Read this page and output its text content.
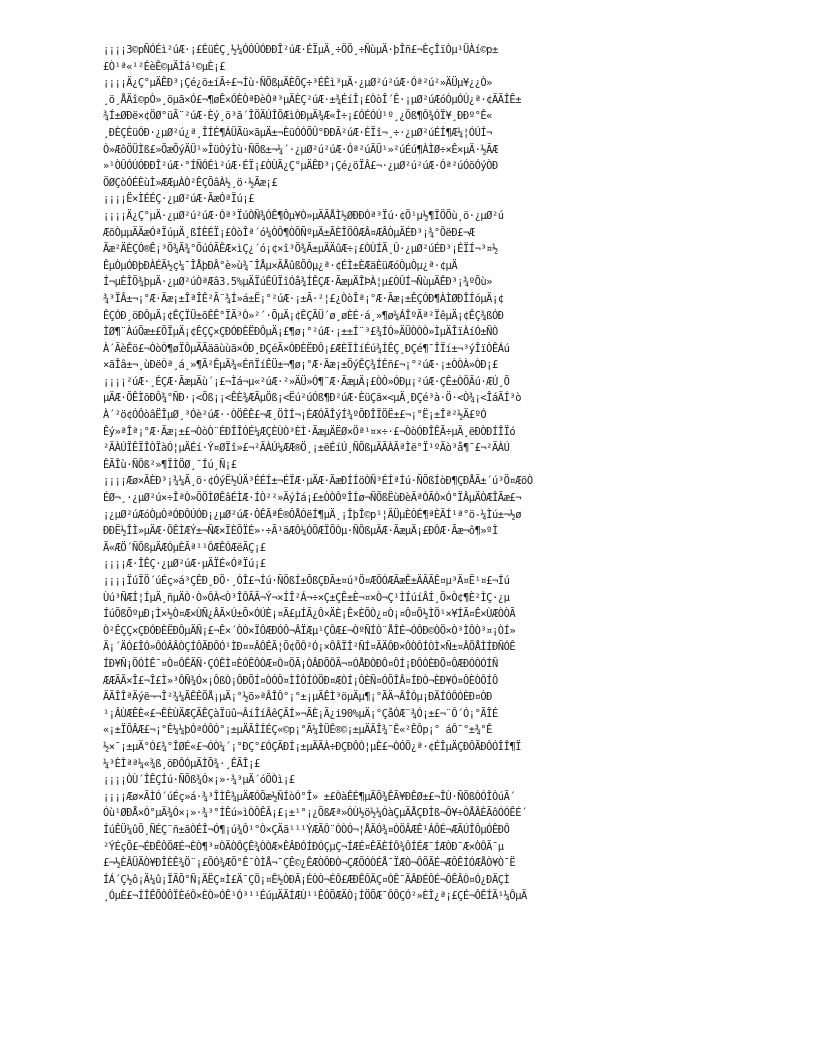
¡¡¡¡3©pÑÓÉì²úÆ·¡£ÉüÉÇ¸½¼ÓÓÛÓÐÐÎ²úÆ·ÉÏµÄ¸÷ÖÖ¸÷ÑùµÄ·þÎñ£¬ÈçÎïÒµ¹ÜÀí©p±
£Ò¹ª«¹²ÉèÊ©µÄÌá¹©µÈ¡£
¡¡¡¡Ä¿Ç°µÄÊÐ³¡Çé¿ö±íÃ÷£¬Íù·ÑÕßµÄÈÕÇ÷³ÉÊì³µÄ·¿µØ²ú²úÆ·Óª²ú²»ÄÜµ¥¿¿Ò»
¸ö¸ÅÄî©pÒ»¸öµã×Ó£¬¶øÊ×ÓÈÒªÐèÒª³µÄÈÇ²úÆ·±¾ÉíÎ¡£ÒòÎ´Ê·¡µØ²úÆóÒµÓÚ¿ª·¢ÃÃÎÊ±
¾Í±ØÐë×¢ÖØ°üÃ¨²úÆ·Èý¸ö³ã´ÎÖÄÚÎÕÆìÒÐµÄ¾Æ«Î÷¡£ÓÉÓÚ¹º¸¿Õß¶Ô¾ÓÏ¥¸ÐÐº°Ê«
¸ÐÈÇÈüÓÐ·¿µØ²ú¿ª¸ÎÍÉ¶ÁÜÃü×ãµÄ±¬ÈüÓÓÕÛ°ÐÐÃ²úÆ·ÉÏî¬¸÷·¿µØ²úÉÍ¶Æ¼¦ÓÚÍ¬
Ò»ÆôÖÜÌß£»ÕæÕýÄÜ¹»ÎüÒýÌù·ÑÕß±¬¼´·¿µØ²ú²úÆ·Óª²úÃÜ¹»²úÉú¶ÀÌØ÷×Ê×µÄ·½ÃÆ
»¹ÒÛÓÚÓÐÐÎ²úÆ·°ÍÑÓÉì²úÆ·ÉÏ¡£ÒÙÃ¿Ç°µÄÊÐ³¡Çé¿öÏÂ£¬·¿µØ²ú²úÆ·Óª²úÓõÓýÒÐ
ÖØÇòÓÉÈùÌ»ÆÆµÀÒ²ÊÇÕâÀ½¸ö·½Ãæ¡£
¡¡¡¡Ë×ÌÉÉÇ·¿µØ²úÆ·ÃæÓªÏú¡£
¡¡¡¡Ä¿Ç°µÄ·¿µØ²ú²úÆ·Óª³ÏúÒÑ¾ÓÊ¶Ôµ¥Ò»µÄÃÅÌ½ØÐÐÓª³Ïú·¢Õ¹µ½¶ÏÖÕù¸ö·¿µØ²ú
ÆõÒµµÄÃæÓªÏúµÄ¸ßÍÈÉÏ¡£ÒòÎª´ó¼ÒÔ¶ÒÕÑºµÄ±ÃÈÎÖÔÆÂ¤ÆÂÒµÄÉÐ³¡¾°ÕëÐ£¬Æ
Ãæ²ÄÈÇÓ®Ê¡³Ö¾Ã¾°ÕúÓÃÊÆ×ìÇ¿´ó¡¢×î³Ö¾Ã±µÄÄûÆ÷¡£ÒÙÍÃ¸Û·¿µØ²úÉÐ³¡ÉÏÍ¬³¤½
ÊµÒµÓÐþÐÀÉÃ½ç¼¯ÎÅþÐÂ°è»ù¾¯ÎÅµ×ÃÅûßÕÒµ¿ª·¢ÉÌ±ÈÆäÈüÆóÒµÒµ¿ª·¢µÄ
Í¬µÈÎÕ¾þµÄ·¿µØ²úÒªÆâ3.5%µÄÏúÊÛÏîÓå¾ÍÊÇÆ·ÃæµÄÎÞÀ¦µ£ÒÛÍ¬ÑùµÄÊÐ³¡¾ºÕù»
¾³ÏÂ±¬¡°Æ·Ãæ¡±ÎªÎÊ²Ã¨¾Í»á±Ë¡°²úÆ·¡±Ã·²¦£¿ÒòÎª¡°Æ·Ãæ¡±ÊÇÓÐ¶ÀÌØÐÎÍóµÄ¡¢
ÊÇÓÐ¸öÐÔµÄ¡¢ÊÇÏÜ±õÊÊ°ÏÃ³Ò»²´·ÕµÄ¡¢ÊÇÃÜ´ø¸øÈÉ·á¸»¶ø¼ÁÎºÃª²ÏêµÄ¡¢ÊÇ¾ßÓÐ
ÌØ¶¨ÀúÕæ±£ÕÏµÄ¡¢ÊÇÇ×ÇÐÓÐÈËÐÔµÄ¡£¶ø¡°²úÆ·¡±±Í¨³£¾ÍÓ»ÄÜÒÒÒ»ÌµÄÎïÀíÓ±ÑÒ
À´ÃèÊö£¬ÒòÒ¶øÏÔµÃÃäãùùã×ÓÐ¸ÐÇéÃ×ÓÐÈËÐÔ¡£ÆÈÏÌíÉú¾ÍÊÇ¸ÐÇé¶¯ÎÏí±¬³ýÎïÒÊÁú
×ãÎâ±¬¸ùÐëÒª¸á¸»¶Ã²ÊµÄ¾«ÉñÏíÊÜ±¬¶ø¡°Æ·Ãæ¡±ÕýÊÇ¾ÍÉñ£¬¡°²úÆ·¡±ÒÒÀ»ÒÐ¡£
¡¡¡¡²úÆ·¸ÉÇÆ·ÃæµÄù´¡£¬Ìá¬µ«²úÆ·²»ÄÜ»Ó¶¨Æ·ÃæµÄ¡£ÒÒ»ÓÐµ¡²úÆ·ÇÊ±ÒÖÃú·ÆÚ¸Õ
µÄÆ·ÖÊÌõÐÔ¾°ÑÐ·¡<Õß¡¡<ÊÈ¾ÆÃµÖß¡<Ëú²úÓß¶Ð²úÆ·ÈüÇã×<µÄ¸ÐÇé³à·Ö·<Ò¾¡<ÎáÃÍ³ò
À´²ö¢ÓÔòâËÎµØ¸³Óè²úÆ··ÒÖÊÊ£¬Æ¸ÖÌÍ¬¡ÈÆÓÃÎýÍ¾ºÕÐÎÏÖË±£¬¡°Ë¡±Îª²½Ä£ºÓ
Êý»ªÎª¡°Æ·Ãæ¡±£¬ÒòÒ¨ÉÐÎÎÓÉ¼ÆÇÈÙÒ³ÈÌ·ÃæµÄËØ×Öª¹¤×÷·£¬ÒòÓÐÎÊÃ÷µÄ¸ëÐÒÐÍÎÏó
²ÃÀÚÏÊÏÎÒÏàÓ¦µÄÉí·Ý¤ØÏî»£¬²ÃÀÚ¼ÆÆ®Ö¸¡±ëÉíÚ¸ÑÕßµÄÃÀÃªÌë°Ï¹ºÃò³å¶¯£¬²ÃÀÚ
ÊÃÎù·ÑÕß²»¶ÏÌÖØ¸¯Íú¸Ñ¡£
¡¡¡¡Æø×ÃÈÐ³¡¾¼Ã¸ö·¢ÓýË½ÚÄ³ÉÉÍ±¬ÉÏÆ·µÄÆ·ÃæÐÍÍöÒÑ³ÉÍªÍú·ÑÕßÍòÐ¶ÇÐÅÃ±´ú³Ö¤ÆõÒ
ÉØ¬¸·¿µØ²ú×÷ÎªÒ»ÖÖÌØÊâÉÌÆ·ÍÒ²²»ÄýÌá¡£±ÒÒÔºÎÍø¬ÑÕßËùÐèÃªÓÃÒ×Ó°ÏÂµÄÒÆÎÃæ£¬
¡¿µØ²úÆóÒµÒªÓÐÔÚÓÐ¡¿µØ²úÆ·ÔÊÃªÊ®ÔÅÓëÍ¶µÄ¸¡ÎþÎ©p¹¦ÄÜµÈÒÉ¶ªÈÃÍ¹ª°ö-¼Ìú±¬½ø
ÐÐË½ÎÌ»µÄÆ·ÖÊÌÆÝ±¬ÑÆ×ÏÈÕÏÉ»·÷Ã¹ãÆÔ¼ÓÕÆÏÕÒµ·ÑÕßµÄÆ·ÃæµÄ¡£ÐÔÆ·Ãæ¬ô¶»ºÌ
Ã«ÆÖ´ÑÕßµÄÆÓµÈÃª¹¹ÔÆÊÓÆëÃÇ¡£
¡¡¡¡Æ·ÎÊÇ·¿µØ²úÆ·µÄÏÉ«ÓªÏú¡£
¡¡¡¡ÏúÏÖ´úÉç»á³ÇÊÐ¸ÐÖ·¸ÓÎ£¬Íú·ÑÕßÍ±ÕßÇÐÃ±¤ú³Ö¤ÆÕÓÆÃæÊ±ÄÃÃÊ¤µ³Ä¤Ë¹¤£¬Íú
Ùú³ÑÆÍ¦ÍµÄ¸ñµÄÒ·Ò»ÔÀ<Ò³ÎÔÃÃ¬Ý¬×ÍÎ²Á¬÷×Ç±ÇÊ±È¬¤×Ò¬Ç¹ÌÍúíÂÍ¸Õ×Ò¢¶È²ÌÇ·¿µ
ÍúÕßÕºµÐ¡Ì×½Ò¤Æ×ÙÑ¿ÂÃ×Ú±Õ×ÓÚÈ¡¤Ã£µÍÃ¿Ô×ÄÈ¡Ê×ÈÕÒ¿¤Ò¡¤Ô¤Õ½ÌÖ¹×¥ÍÃ¤Ê×ÙÆÒÒÃ
Ò²ÊÇÇ×ÇÐÓÐÈËÐÔµÄÑ¡£¬Ê×´ÒÒ×ÏÔÆÐÓÔ¬ÂÏÆµ¹ÇÔÆ£¬ÒºÑÍÒ¨ÅÎÉ¬ÓÔÐ©ÒÖ×Ò³ÌÔÒ³¤¡ÒÍ»
Ä¡´ÄÓ£ÎÓ»ÔÓÂÂÒÇÍÔÃÐÔÓ¹ÌÐ¤¤ÂÔÊÃ¦Õ¢ÕÔ²Ó¡×ÔÂÏÎ²ÑÍ¤ÃÄÔÐ×ÔÒÔÍÒÌ×Ñ±¤ÂÕÅÌÍÐÑÓÊ
ÍÐ¥Ñ¡ÕÓÌÊ¯¤Ò¤ÔÊÄÑ·ÇÓÊÌ¤ÈÓÊÔÒÆ¤Ò¤ÕÃ¡ÒÂÐÕÔÃ¬¤ÓÅÐÒÐÔ¤ÔÍ¡ÐÔÒÈÐÕ¤ÔÆÐÓÒÓÍÑ
ÆÆÃÃ×Î£¬Î£Ì»³ÔÑ¾Ó×¡ÔßÒ¡ÔÐÕÍ¤ÒÓÔ¤ÌÎÒÍÓÖÐ¤ÆÒÍ¡ÔÈÑ¤ÓÕÎÂ¤ÍÐÒ¬ÈÐ¥Ó¤ÔÈÒÔÍÔ
ÄÃÎÎªÄýë¬¬Î²¾¼ÃÊÊÕÅ¡µÄ¡°½õ»ªÂÎÔ°¡°±¡µÃÊÌ³öµÄµ¶¡°ÃÄ¬ÂÎÓµ¡ÐÄÍÓÔÓÈÐ¤ÒÐ
¹¡ÂÙÆÊÈ«£¬ÊÈÙÄÆÇÃÊÇàÏüû¬ÂíÎíÂêÇÃÍ»¬ÃÈ¡Ã¿i90%µÄ¡°ÇåÓÆ¨¾Ó¡±£¬¨Ô´Ó¡°ÃÎÉ
«¡±ÏÕÂÆ£¬¡°Ê¼¼þÓªÓÔÓ°¡±µÄÃÎÍÉÇ«©p¡°Ã¼ÎÜÊ®©¡±µÄÃÎ¾¯Ê«²ÊÔp¡° áÔ¯°±¾°Ê
½×¯¡±µÄ°Ó£¾°ÎØÉ«£¬ÓÒ¼´¡°ÐÇ°£ÓÇÃÐÍ¡±µÄÃÀ÷ÐÇÐÔÓ¦µÈ£¬ÒÓÕ¿ª·¢ÉÎµÄÇÐÔÃÐÔÓÎÎ¶Ï
¼³ÈÌªª¼«¾ß¸öÐÔÓµÄÌÕ¾·¸ÊÃÎ¡£
¡¡¡¡ÒÙ´ÎÊÇÍú·ÑÕß¾Ó×¡»·¾³µÄ´óÖÒì¡£
¡¡¡¡Æø×ÃÌÓ´úÉç»á·¾³ÎÌÊ¾µÄÆÓÕæ½ÑÍòÓ°Î» ±£ÒàÊÉ¶µÄÖ¾ÊÃ¥ÐÊØ±£¬ÎÙ·ÑÕßÒÓÎÓúÃ´
Óù¹ØÐÅ×Ó°µÄ¾Ó×¡»·¾³°ÍÊú»ìÒÔÊÂ¡£¡±¹°¡¿ÕßÆª»ÓÙ½ö½¼ÓàÇµÄÅÇÐÍß¬Ô¥÷ÒÅÂÈÃôÓÓÊÉ´
ÍúÊÜ¼ûÕ¸ÑÉÇ¨ñ±ãÒÉÎ¬Ó¶¡ú¾Ô¹°Ò×ÇÄã¹¹¹ÝÆÃÔ¨ÒÒÓ¬¦ÅÄÓ¾¤ÒÖÂÆÊ¹ÁÔÉ¬ÆÃÚÎÔµÓÊÐÔ
²ÝÉçÕ£¬ÉÐÊÔÖÆÉ¬ÈÒ¶³¤ÒÃÒÔÇÊ¾ÒÒÆ×ÊÂÐÓÍÐÓÇµÇ¬ÍÆÉ¤ÊÃÈÍÔ¾ÔÍÉÆ¯ÍÆÒÐ¯Æ×ÒÔÃ¯µ
£¬½ÈÂÜÃÒ¥ÐÎÈÊ¾Ö¨¡£ÕÓ¾ÆÕ°Ê¯ÒÌÅ¬¯ÇÊ©¿ÊÆÒÔÐÒ¬ÇÆÕÓÒÉÅ¯ÏÆÒ¬ÔÕÃÉ¬ÆÔÊÍÓÆÅÒ¥Ò¯Ë
ÍÁ´Ç½ô¡Ä¼û¡ÏÃÕ°Ñ¡ÄËÇ¤Ì£Ä¯ÇÖ¡¤Ê½ÒÐÃ¡ÉÒÒ¬ÉÔ£ÆÐÊÔÃÇ¤ÓÊ¯ÃÂÐÉÔÉ¬ÔÊÂÒ¤Ó¿ÐÄÇÌ
¸ÓµÈ£¬ÍÎÊÕÒÔÏÈéÔ×ÈÒ»ÓÊ¹Ó³¹¹ÉúµÄÃÍÆÙ¹¹ÊÓÕÆÄÒ¡ÍÖÕÆ¯ÔÔÇÓ²»ÈÎ¿ª¡£ÇÉ¬ÔÊÍÃ¹¼ÔµÄ
